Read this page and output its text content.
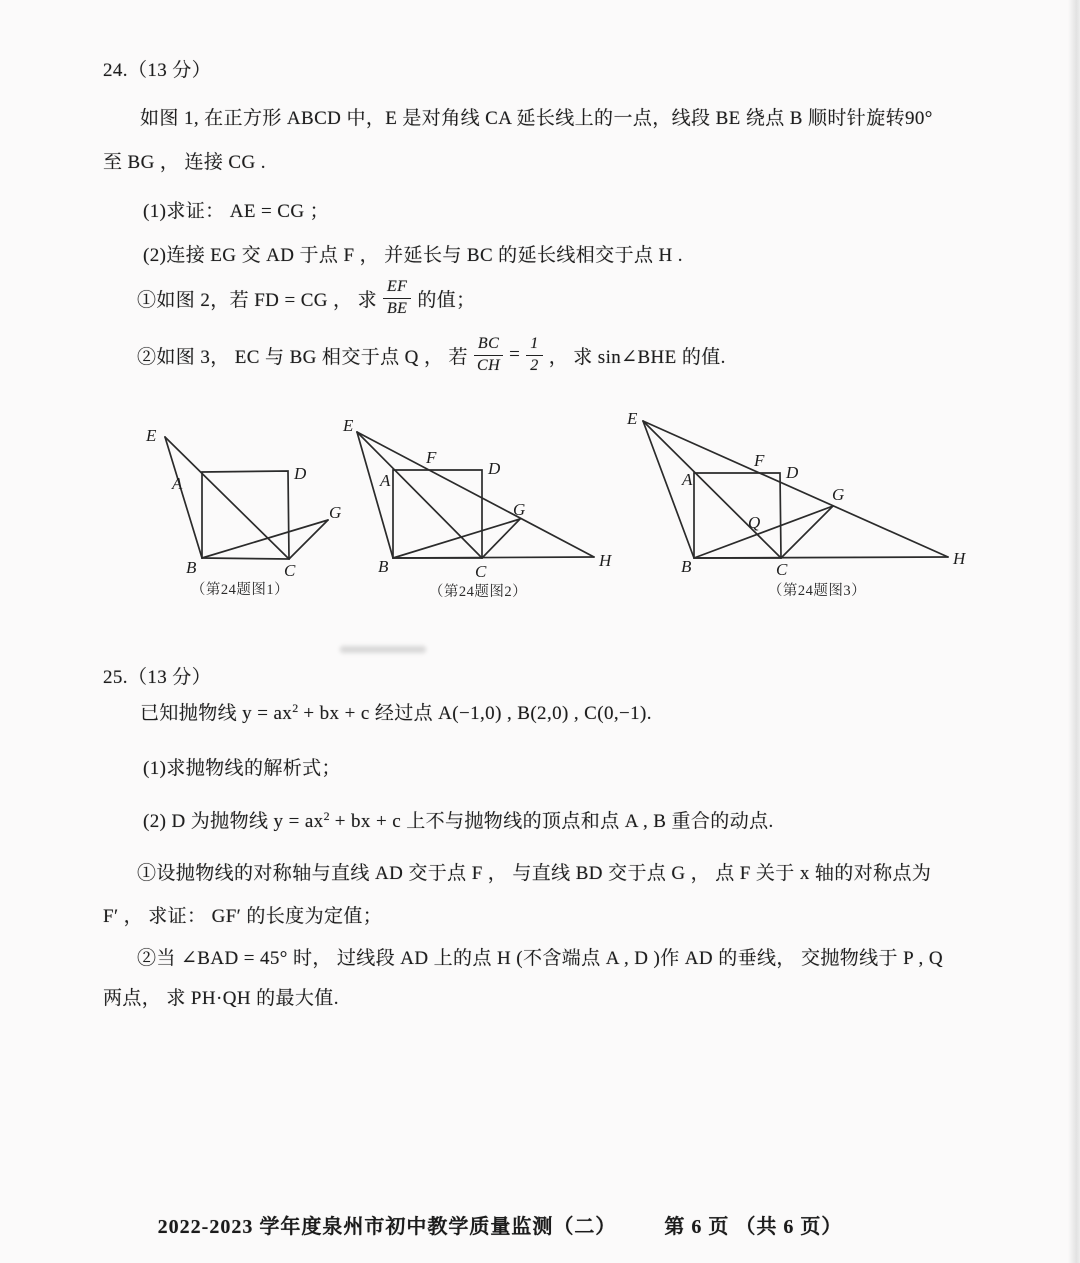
24.（13 分）
如图 1, 在正方形 ABCD 中，E 是对角线 CA 延长线上的一点，线段 BE 绕点 B 顺时针旋转90°
至 BG ， 连接 CG .
(1)求证： AE = CG ；
(2)连接 EG 交 AD 于点 F ， 并延长与 BC 的延长线相交于点 H .
①如图 2，若 FD = CG ， 求 $\frac{EF}{BE}$ 的值；
②如图 3， EC 与 BG 相交于点 Q ， 若 $\frac{BC}{CH} = \frac{1}{2}$ ， 求 sin∠BHE 的值.
E
A
D
B	C
G
（第24题图1）
E
A
F
D
B	C
G
H
（第24题图2）
E
A
F
D
B	C
G
H
Q
（第24题图3）
25.（13 分）
已知抛物线 $y = ax^2$ + bx + c 经过点 A(−1,0) , B(2,0) , C(0,−1).
(1)求抛物线的解析式；
(2) D 为抛物线 $y = ax^2$ + bx + c 上不与抛物线的顶点和点 A , B 重合的动点.
①设抛物线的对称轴与直线 AD 交于点 F ， 与直线 BD 交于点 G ， 点 F 关于 x 轴的对称点为
F′ ， 求证： GF′ 的长度为定值；
②当 ∠BAD = 45° 时， 过线段 AD 上的点 H (不含端点 A , D )作 AD 的垂线， 交抛物线于 P , Q
两点， 求 PH·QH 的最大值.
2022-2023 学年度泉州市初中教学质量监测（二） 第 6 页 （共 6 页）
